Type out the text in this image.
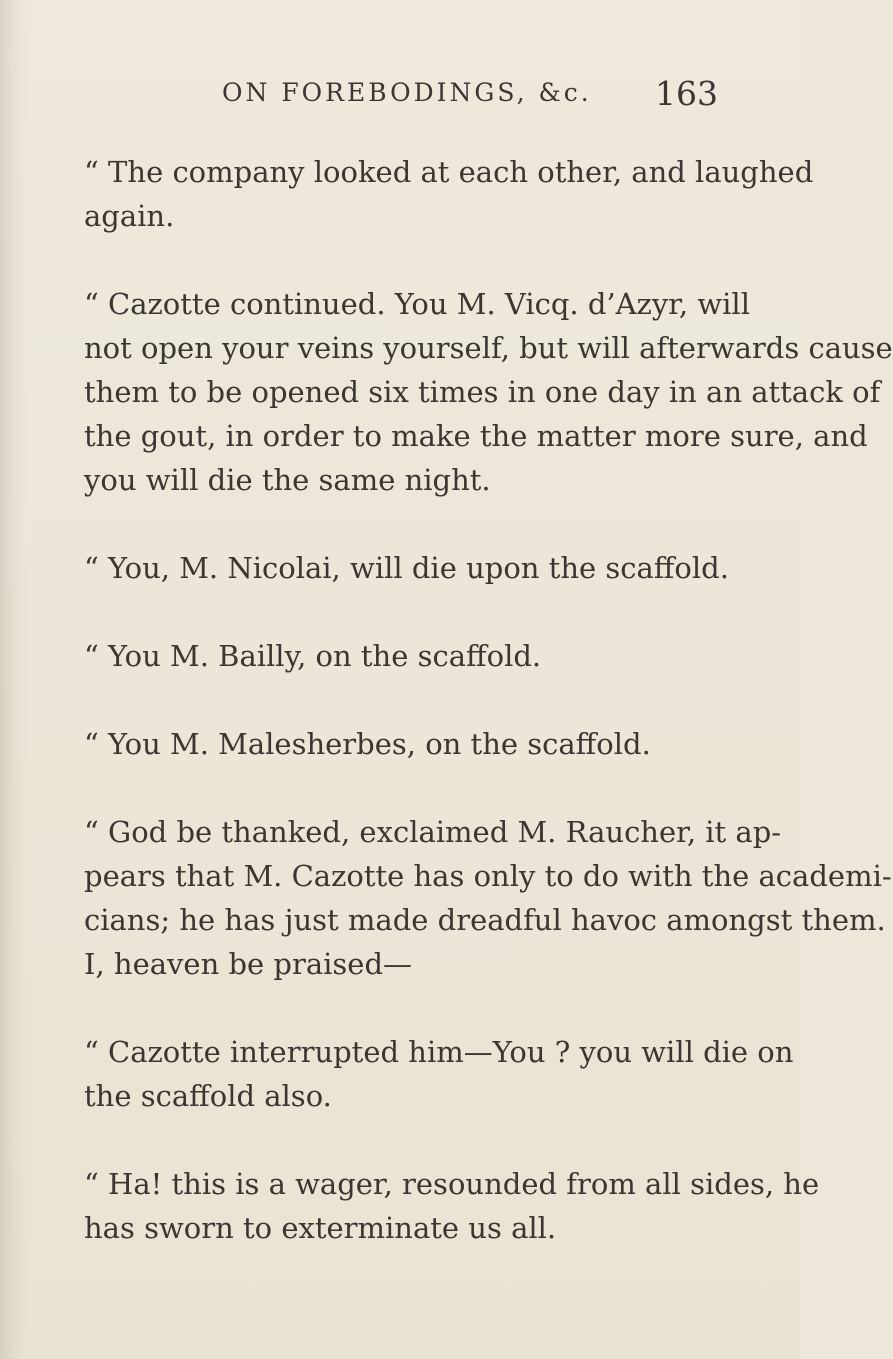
ON FOREBODINGS, &c. 163

“ The company looked at each other, and laughed
again.

“ Cazotte continued. You M. Vicq. d’Azyr, will
not open your veins yourself, but will afterwards cause
them to be opened six times in one day in an attack of
the gout, in order to make the matter more sure, and
you will die the same night.

“ You, M. Nicolai, will die upon the scaffold.

“ You M. Bailly, on the scaffold.

“ You M. Malesherbes, on the scaffold.

“ God be thanked, exclaimed M. Raucher, it ap-
pears that M. Cazotte has only to do with the academi-
cians; he has just made dreadful havoc amongst them.
I, heaven be praised—

“ Cazotte interrupted him—You ? you will die on
the scaffold also.

“ Ha! this is a wager, resounded from all sides, he
has sworn to exterminate us all.
